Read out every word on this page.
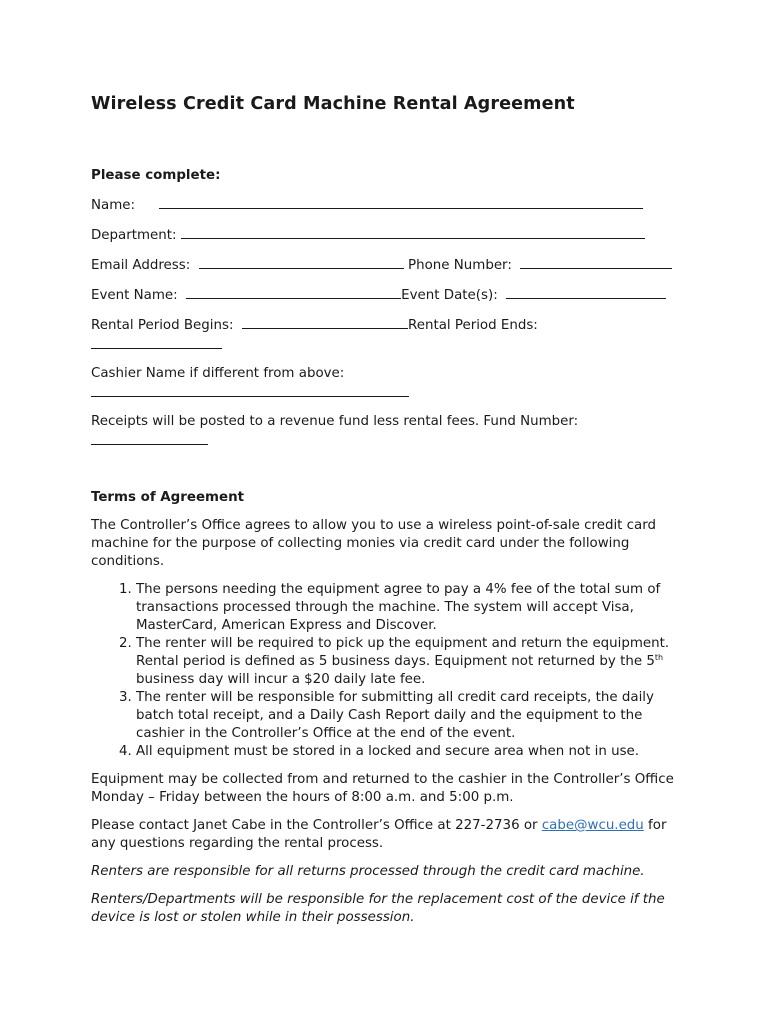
Wireless Credit Card Machine Rental Agreement
Please complete:
Name:
Department:
Email Address:	Phone Number:
Event Name:	Event Date(s):
Rental Period Begins:	Rental Period Ends:
Cashier Name if different from above:
Receipts will be posted to a revenue fund less rental fees. Fund Number:
Terms of Agreement

The Controller’s Office agrees to allow you to use a wireless point-of-sale credit card machine for the purpose of collecting monies via credit card under the following conditions.

1. The persons needing the equipment agree to pay a 4% fee of the total sum of transactions processed through the machine. The system will accept Visa, MasterCard, American Express and Discover.
2. The renter will be required to pick up the equipment and return the equipment. Rental period is defined as 5 business days. Equipment not returned by the 5th business day will incur a $20 daily late fee.
3. The renter will be responsible for submitting all credit card receipts, the daily batch total receipt, and a Daily Cash Report daily and the equipment to the cashier in the Controller’s Office at the end of the event.
4. All equipment must be stored in a locked and secure area when not in use.

Equipment may be collected from and returned to the cashier in the Controller’s Office Monday – Friday between the hours of 8:00 a.m. and 5:00 p.m.

Please contact Janet Cabe in the Controller’s Office at 227-2736 or cabe@wcu.edu for any questions regarding the rental process.

Renters are responsible for all returns processed through the credit card machine.

Renters/Departments will be responsible for the replacement cost of the device if the device is lost or stolen while in their possession.
